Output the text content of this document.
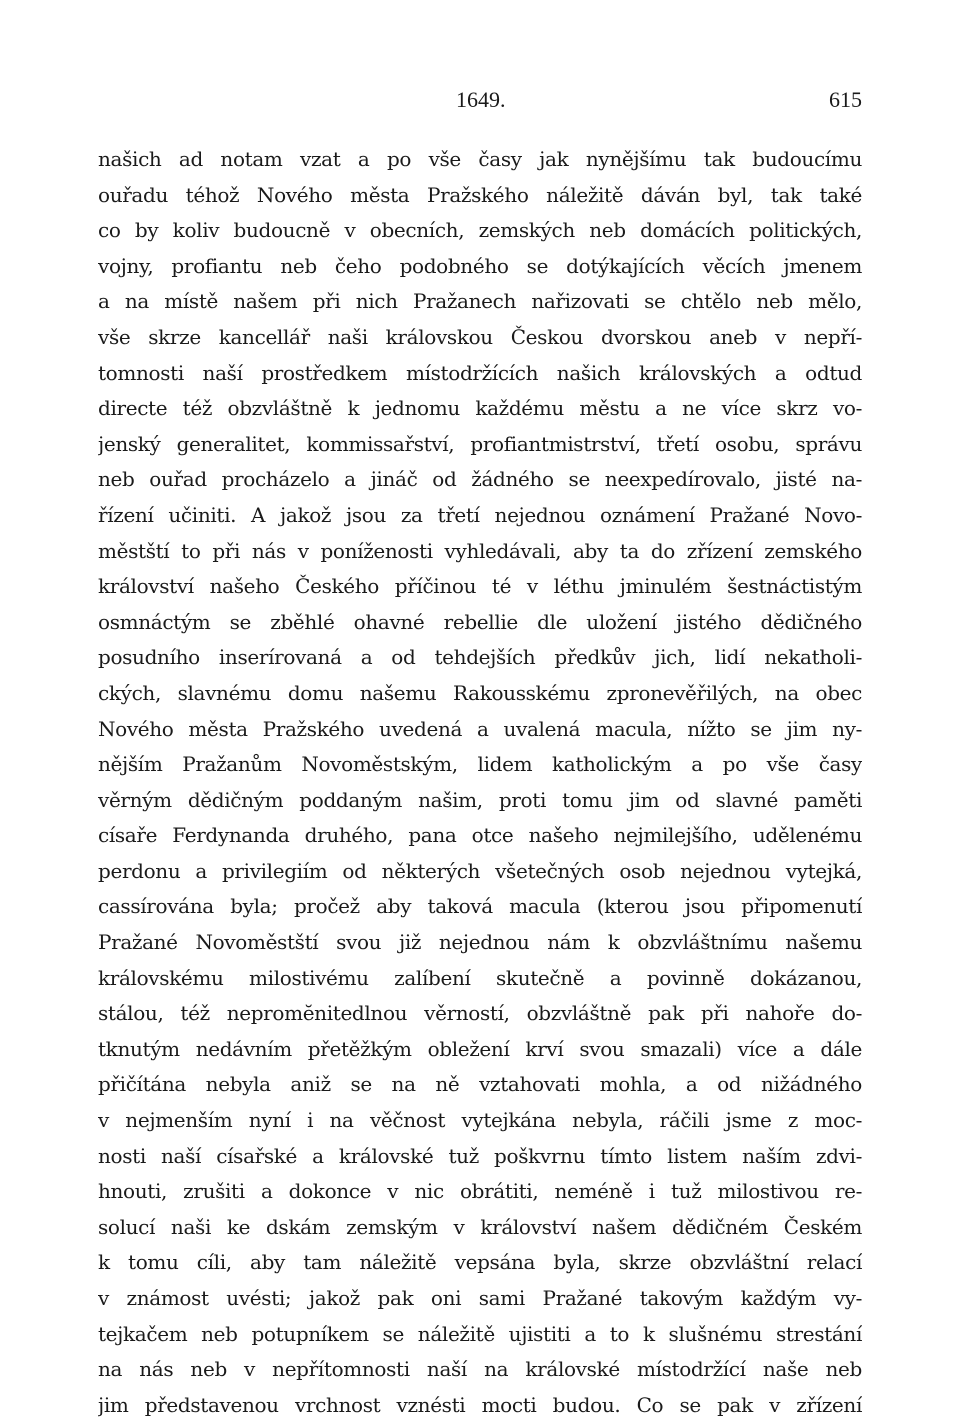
1649.	615
našich ad notam vzat a po vše časy jak nynějšímu tak budoucímu
ouřadu téhož Nového města Pražského náležitě dáván byl, tak také
co by koliv budoucně v obecních, zemských neb domácích politických,
vojny, profiantu neb čeho podobného se dotýkajících věcích jmenem
a na místě našem při nich Pražanech nařizovati se chtělo neb mělo,
vše skrze kancellář naši královskou Českou dvorskou aneb v nepří-
tomnosti naší prostředkem místodržících našich královských a odtud
directe též obzvláštně k jednomu každému městu a ne více skrz vo-
jenský generalitet, kommissařství, profiantmistrství, třetí osobu, správu
neb ouřad procházelo a jináč od žádného se neexpedírovalo, jisté na-
řízení učiniti. A jakož jsou za třetí nejednou oznámení Pražané Novo-
městští to při nás v poníženosti vyhledávali, aby ta do zřízení zemského
království našeho Českého příčinou té v léthu jminulém šestnáctistým
osmnáctým se zběhlé ohavné rebellie dle uložení jistého dědičného
posudního inserírovaná a od tehdejších předkův jich, lidí nekatholi-
ckých, slavnému domu našemu Rakousskému zpronevěřilých, na obec
Nového města Pražského uvedená a uvalená macula, nížto se jim ny-
nějším Pražanům Novoměstským, lidem katholickým a po vše časy
věrným dědičným poddaným našim, proti tomu jim od slavné paměti
císaře Ferdynanda druhého, pana otce našeho nejmilejšího, udělenému
perdonu a privilegiím od některých všetečných osob nejednou vytejká,
cassírována byla; pročež aby taková macula (kterou jsou připomenutí
Pražané Novoměstští svou již nejednou nám k obzvláštnímu našemu
královskému milostivému zalíbení skutečně a povinně dokázanou,
stálou, též nepromĕnitedlnou věrností, obzvláštně pak při nahoře do-
tknutým nedávním přetěžkým obležení krví svou smazali) více a dále
přičítána nebyla aniž se na ně vztahovati mohla, a od nižádného
v nejmenším nyní i na věčnost vytejkána nebyla, ráčili jsme z moc-
nosti naší císařské a královské tuž poškvrnu tímto listem naším zdvi-
hnouti, zrušiti a dokonce v nic obrátiti, neméně i tuž milostivou re-
solucí naši ke dskám zemským v království našem dědičném Českém
k tomu cíli, aby tam náležitě vepsána byla, skrze obzvláštní relací
v známost uvésti; jakož pak oni sami Pražané takovým každým vy-
tejkačem neb potupníkem se náležitě ujistiti a to k slušnému strestání
na nás neb v nepřítomnosti naší na královské místodržící naše neb
jim představenou vrchnost vznésti mocti budou. Co se pak v zřízení
